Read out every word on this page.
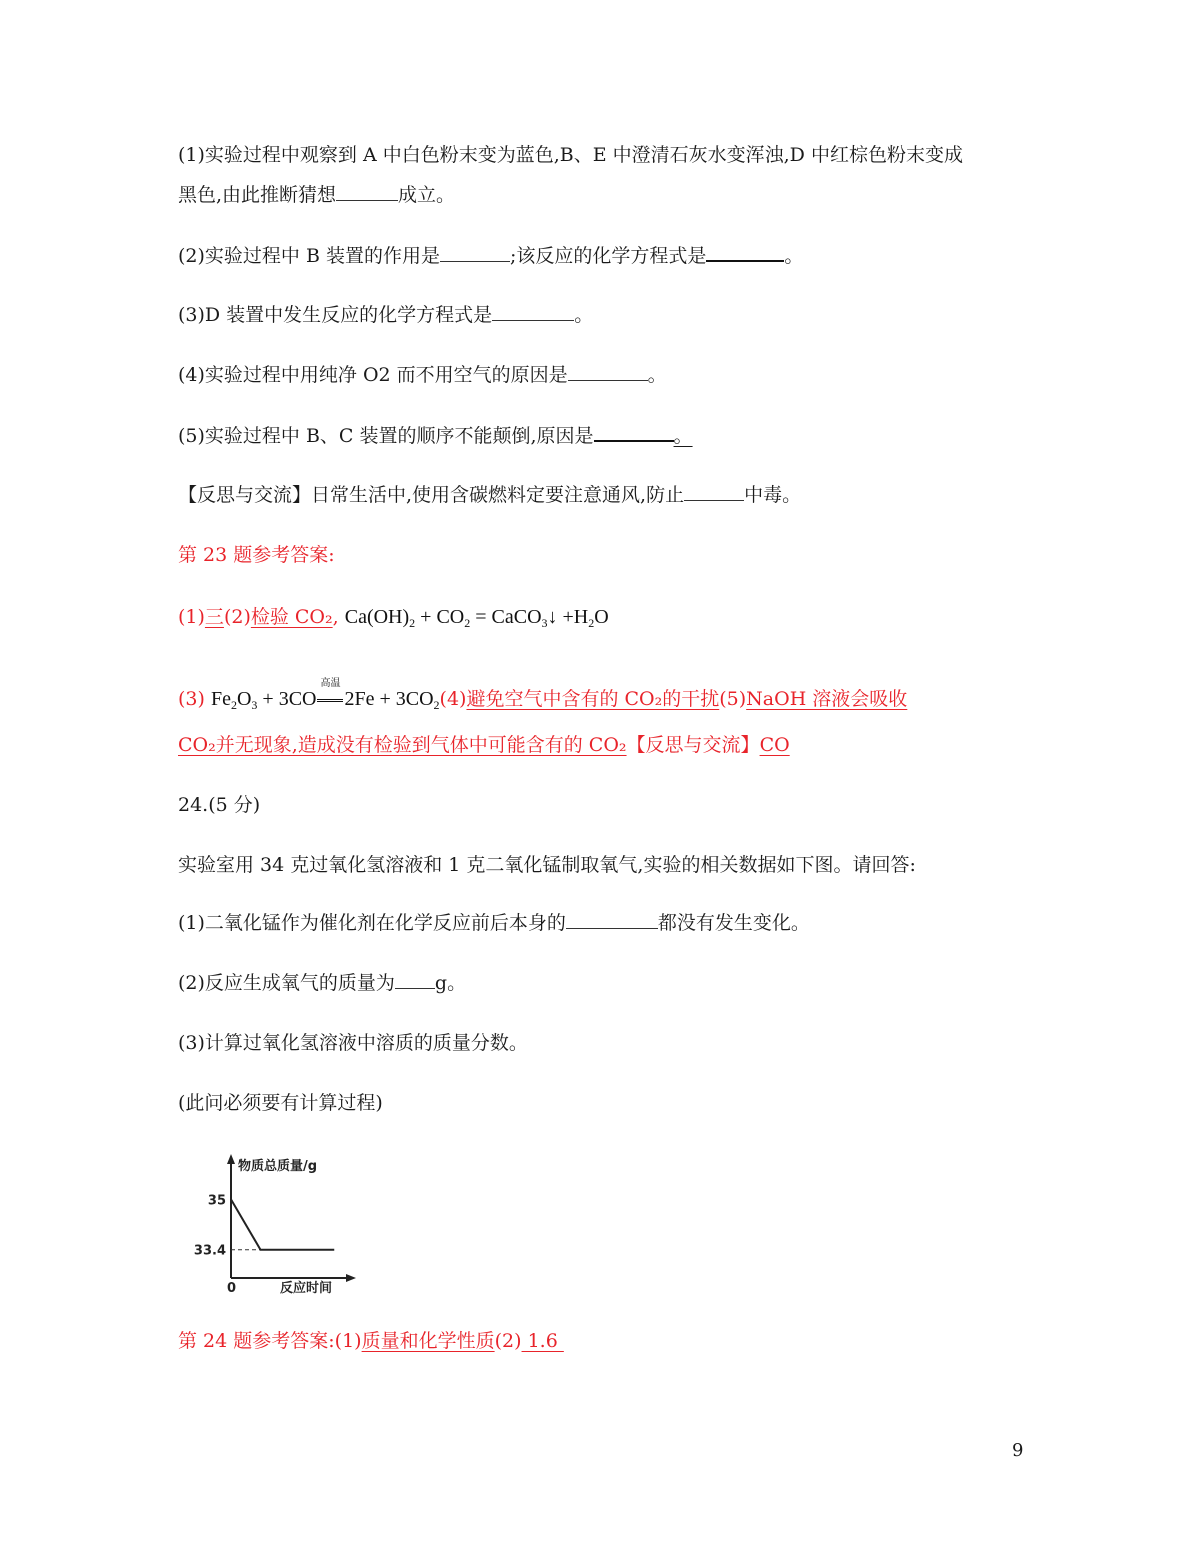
(1)实验过程中观察到 A 中白色粉末变为蓝色,B、E 中澄清石灰水变浑浊,D 中红棕色粉末变成
黑色,由此推断猜想	成立。
(2)实验过程中 B 装置的作用是	;该反应的化学方程式是	。
(3)D 装置中发生反应的化学方程式是	。
(4)实验过程中用纯净 O2 而不用空气的原因是	。
(5)实验过程中 B、C 装置的顺序不能颠倒,原因是	。
【反思与交流】日常生活中,使用含碳燃料定要注意通风,防止	中毒。
第 23 题参考答案:
(1)三(2)检验 CO₂, $Ca(OH)_2 + CO_2$ = CaCO$_3$↓ $+H_2O$
(3) $Fe_2O_3 + 3CO$
高温
$2Fe + 3CO_2(4)$避免空气中含有的 CO₂的干扰(5)NaOH 溶液会吸收
CO₂并无现象,造成没有检验到气体中可能含有的 CO₂【反思与交流】CO
24.(5 分)
实验室用 34 克过氧化氢溶液和 1 克二氧化锰制取氧气,实验的相关数据如下图。请回答:
(1)二氧化锰作为催化剂在化学反应前后本身的	都没有发生变化。
(2)反应生成氧气的质量为 g。
(3)计算过氧化氢溶液中溶质的质量分数。
(此问必须要有计算过程)
物质总质量/g
反应时间
0
35
33.4
第 24 题参考答案:(1)质量和化学性质(2) 1.6
9
